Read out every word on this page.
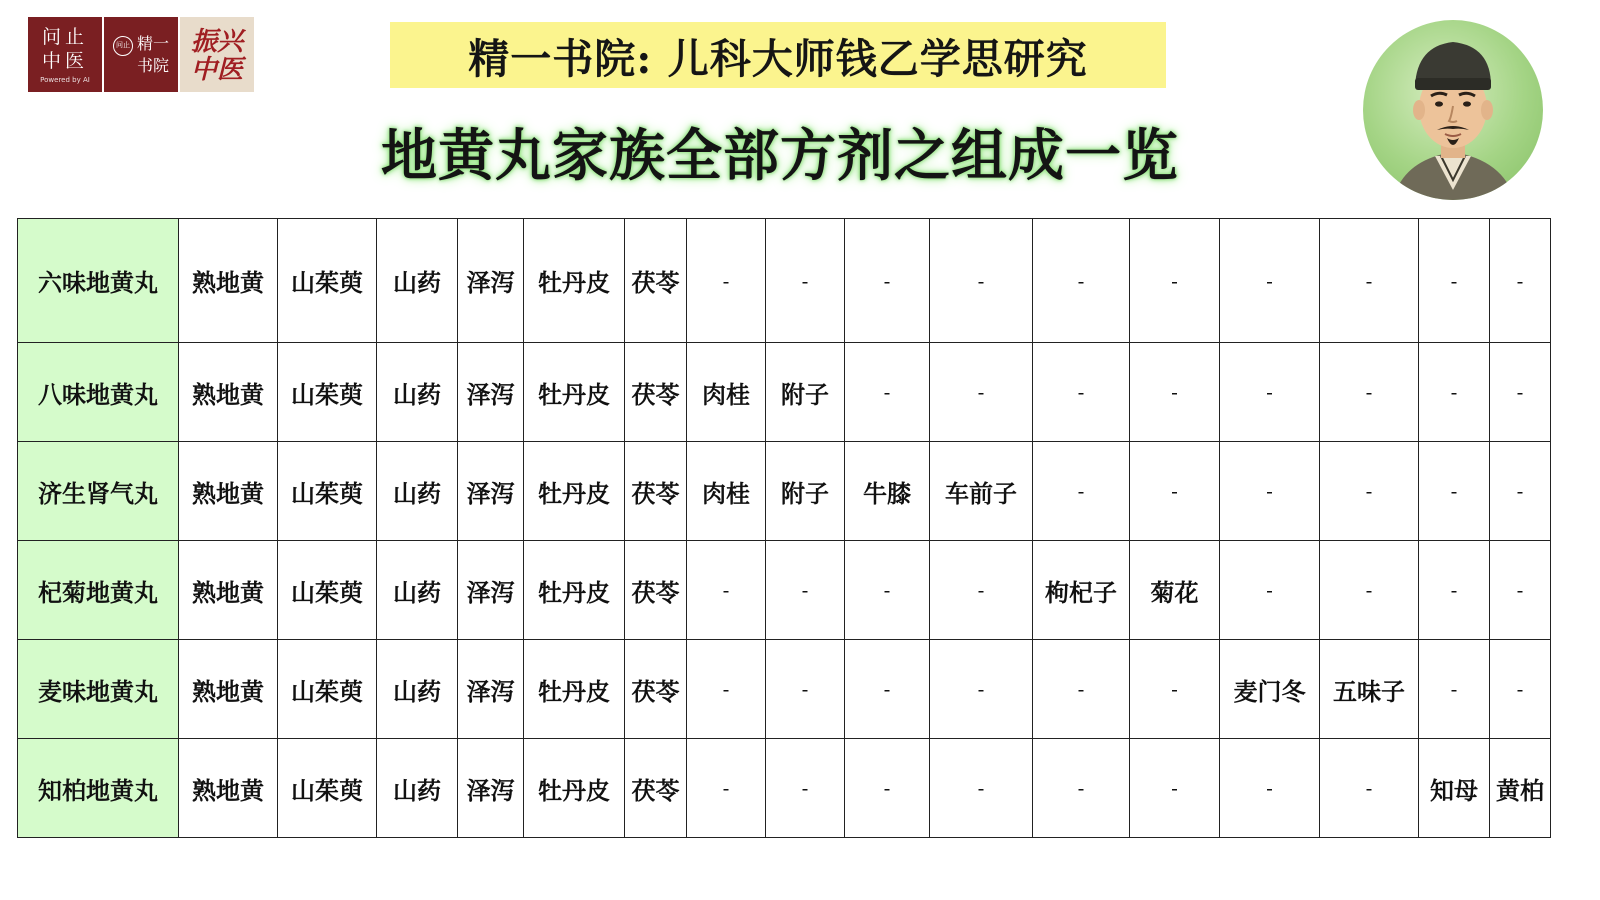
问止
中医
Powered by AI
问止 精一
书院
振兴
中医	精一书院: 儿科大师钱乙学思研究
地黄丸家族全部方剂之组成一览
六味地黄丸	熟地黄	山茱萸	山药	泽泻	牡丹皮	茯苓	-	-	-	-	-	-	-	-	-	-
八味地黄丸	熟地黄	山茱萸	山药	泽泻	牡丹皮	茯苓	肉桂	附子	-	-	-	-	-	-	-	-
济生肾气丸	熟地黄	山茱萸	山药	泽泻	牡丹皮	茯苓	肉桂	附子	牛膝	车前子	-	-	-	-	-	-
杞菊地黄丸	熟地黄	山茱萸	山药	泽泻	牡丹皮	茯苓	-	-	-	-	枸杞子	菊花	-	-	-	-
麦味地黄丸	熟地黄	山茱萸	山药	泽泻	牡丹皮	茯苓	-	-	-	-	-	-	麦门冬	五味子	-	-
知柏地黄丸	熟地黄	山茱萸	山药	泽泻	牡丹皮	茯苓	-	-	-	-	-	-	-	-	知母	黄柏
